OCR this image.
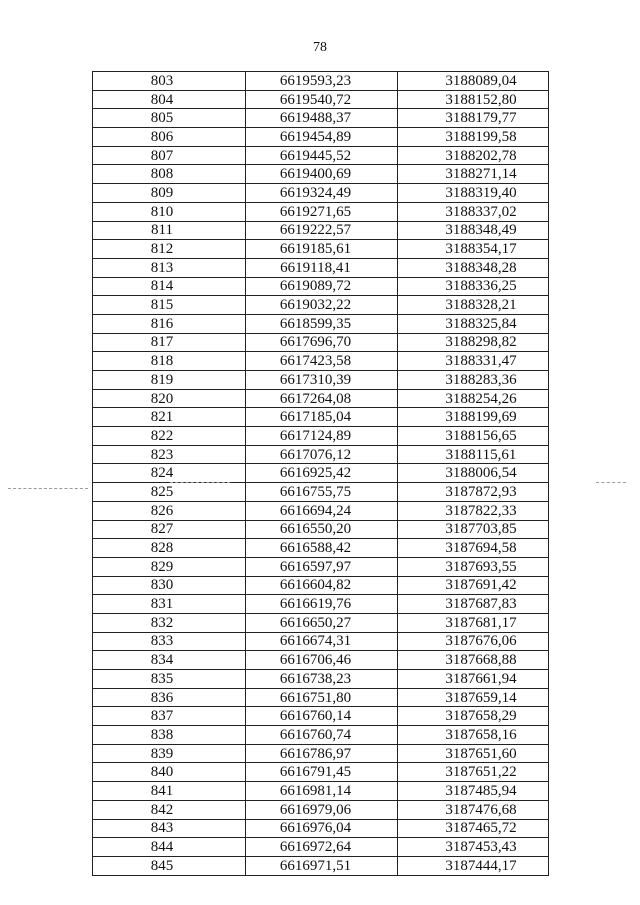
78
803	6619593,23	3188089,04
804	6619540,72	3188152,80
805	6619488,37	3188179,77
806	6619454,89	3188199,58
807	6619445,52	3188202,78
808	6619400,69	3188271,14
809	6619324,49	3188319,40
810	6619271,65	3188337,02
811	6619222,57	3188348,49
812	6619185,61	3188354,17
813	6619118,41	3188348,28
814	6619089,72	3188336,25
815	6619032,22	3188328,21
816	6618599,35	3188325,84
817	6617696,70	3188298,82
818	6617423,58	3188331,47
819	6617310,39	3188283,36
820	6617264,08	3188254,26
821	6617185,04	3188199,69
822	6617124,89	3188156,65
823	6617076,12	3188115,61
824	6616925,42	3188006,54
825	6616755,75	3187872,93
826	6616694,24	3187822,33
827	6616550,20	3187703,85
828	6616588,42	3187694,58
829	6616597,97	3187693,55
830	6616604,82	3187691,42
831	6616619,76	3187687,83
832	6616650,27	3187681,17
833	6616674,31	3187676,06
834	6616706,46	3187668,88
835	6616738,23	3187661,94
836	6616751,80	3187659,14
837	6616760,14	3187658,29
838	6616760,74	3187658,16
839	6616786,97	3187651,60
840	6616791,45	3187651,22
841	6616981,14	3187485,94
842	6616979,06	3187476,68
843	6616976,04	3187465,72
844	6616972,64	3187453,43
845	6616971,51	3187444,17
